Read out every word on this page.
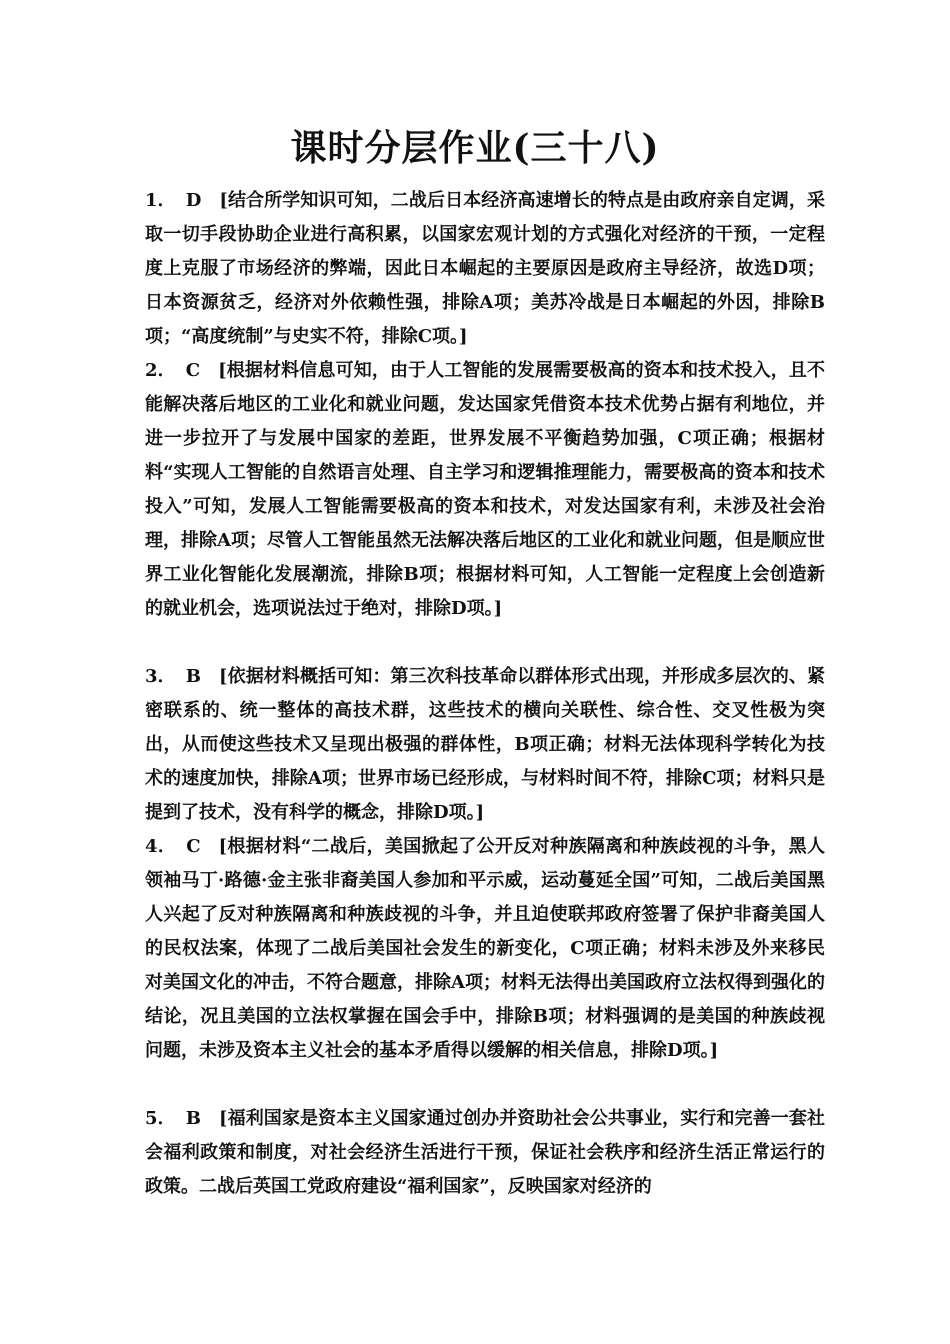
课时分层作业(三十八)

1． D [结合所学知识可知，二战后日本经济高速增长的特点是由政府亲自定调，采取一切手段协助企业进行高积累，以国家宏观计划的方式强化对经济的干预，一定程度上克服了市场经济的弊端，因此日本崛起的主要原因是政府主导经济，故选D项；日本资源贫乏，经济对外依赖性强，排除A项；美苏冷战是日本崛起的外因，排除B项；“高度统制”与史实不符，排除C项。]

2． C [根据材料信息可知，由于人工智能的发展需要极高的资本和技术投入，且不能解决落后地区的工业化和就业问题，发达国家凭借资本技术优势占据有利地位，并进一步拉开了与发展中国家的差距，世界发展不平衡趋势加强，C项正确；根据材料“实现人工智能的自然语言处理、自主学习和逻辑推理能力，需要极高的资本和技术投入”可知，发展人工智能需要极高的资本和技术，对发达国家有利，未涉及社会治理，排除A项；尽管人工智能虽然无法解决落后地区的工业化和就业问题，但是顺应世界工业化智能化发展潮流，排除B项；根据材料可知，人工智能一定程度上会创造新的就业机会，选项说法过于绝对，排除D项。]

3． B [依据材料概括可知：第三次科技革命以群体形式出现，并形成多层次的、紧密联系的、统一整体的高技术群，这些技术的横向关联性、综合性、交叉性极为突出，从而使这些技术又呈现出极强的群体性，B项正确；材料无法体现科学转化为技术的速度加快，排除A项；世界市场已经形成，与材料时间不符，排除C项；材料只是提到了技术，没有科学的概念，排除D项。]

4． C [根据材料“二战后，美国掀起了公开反对种族隔离和种族歧视的斗争，黑人领袖马丁·路德·金主张非裔美国人参加和平示威，运动蔓延全国”可知，二战后美国黑人兴起了反对种族隔离和种族歧视的斗争，并且迫使联邦政府签署了保护非裔美国人的民权法案，体现了二战后美国社会发生的新变化，C项正确；材料未涉及外来移民对美国文化的冲击，不符合题意，排除A项；材料无法得出美国政府立法权得到强化的结论，况且美国的立法权掌握在国会手中，排除B项；材料强调的是美国的种族歧视问题，未涉及资本主义社会的基本矛盾得以缓解的相关信息，排除D项。]

5． B [福利国家是资本主义国家通过创办并资助社会公共事业，实行和完善一套社会福利政策和制度，对社会经济生活进行干预，保证社会秩序和经济生活正常运行的政策。二战后英国工党政府建设“福利国家”，反映国家对经济的
